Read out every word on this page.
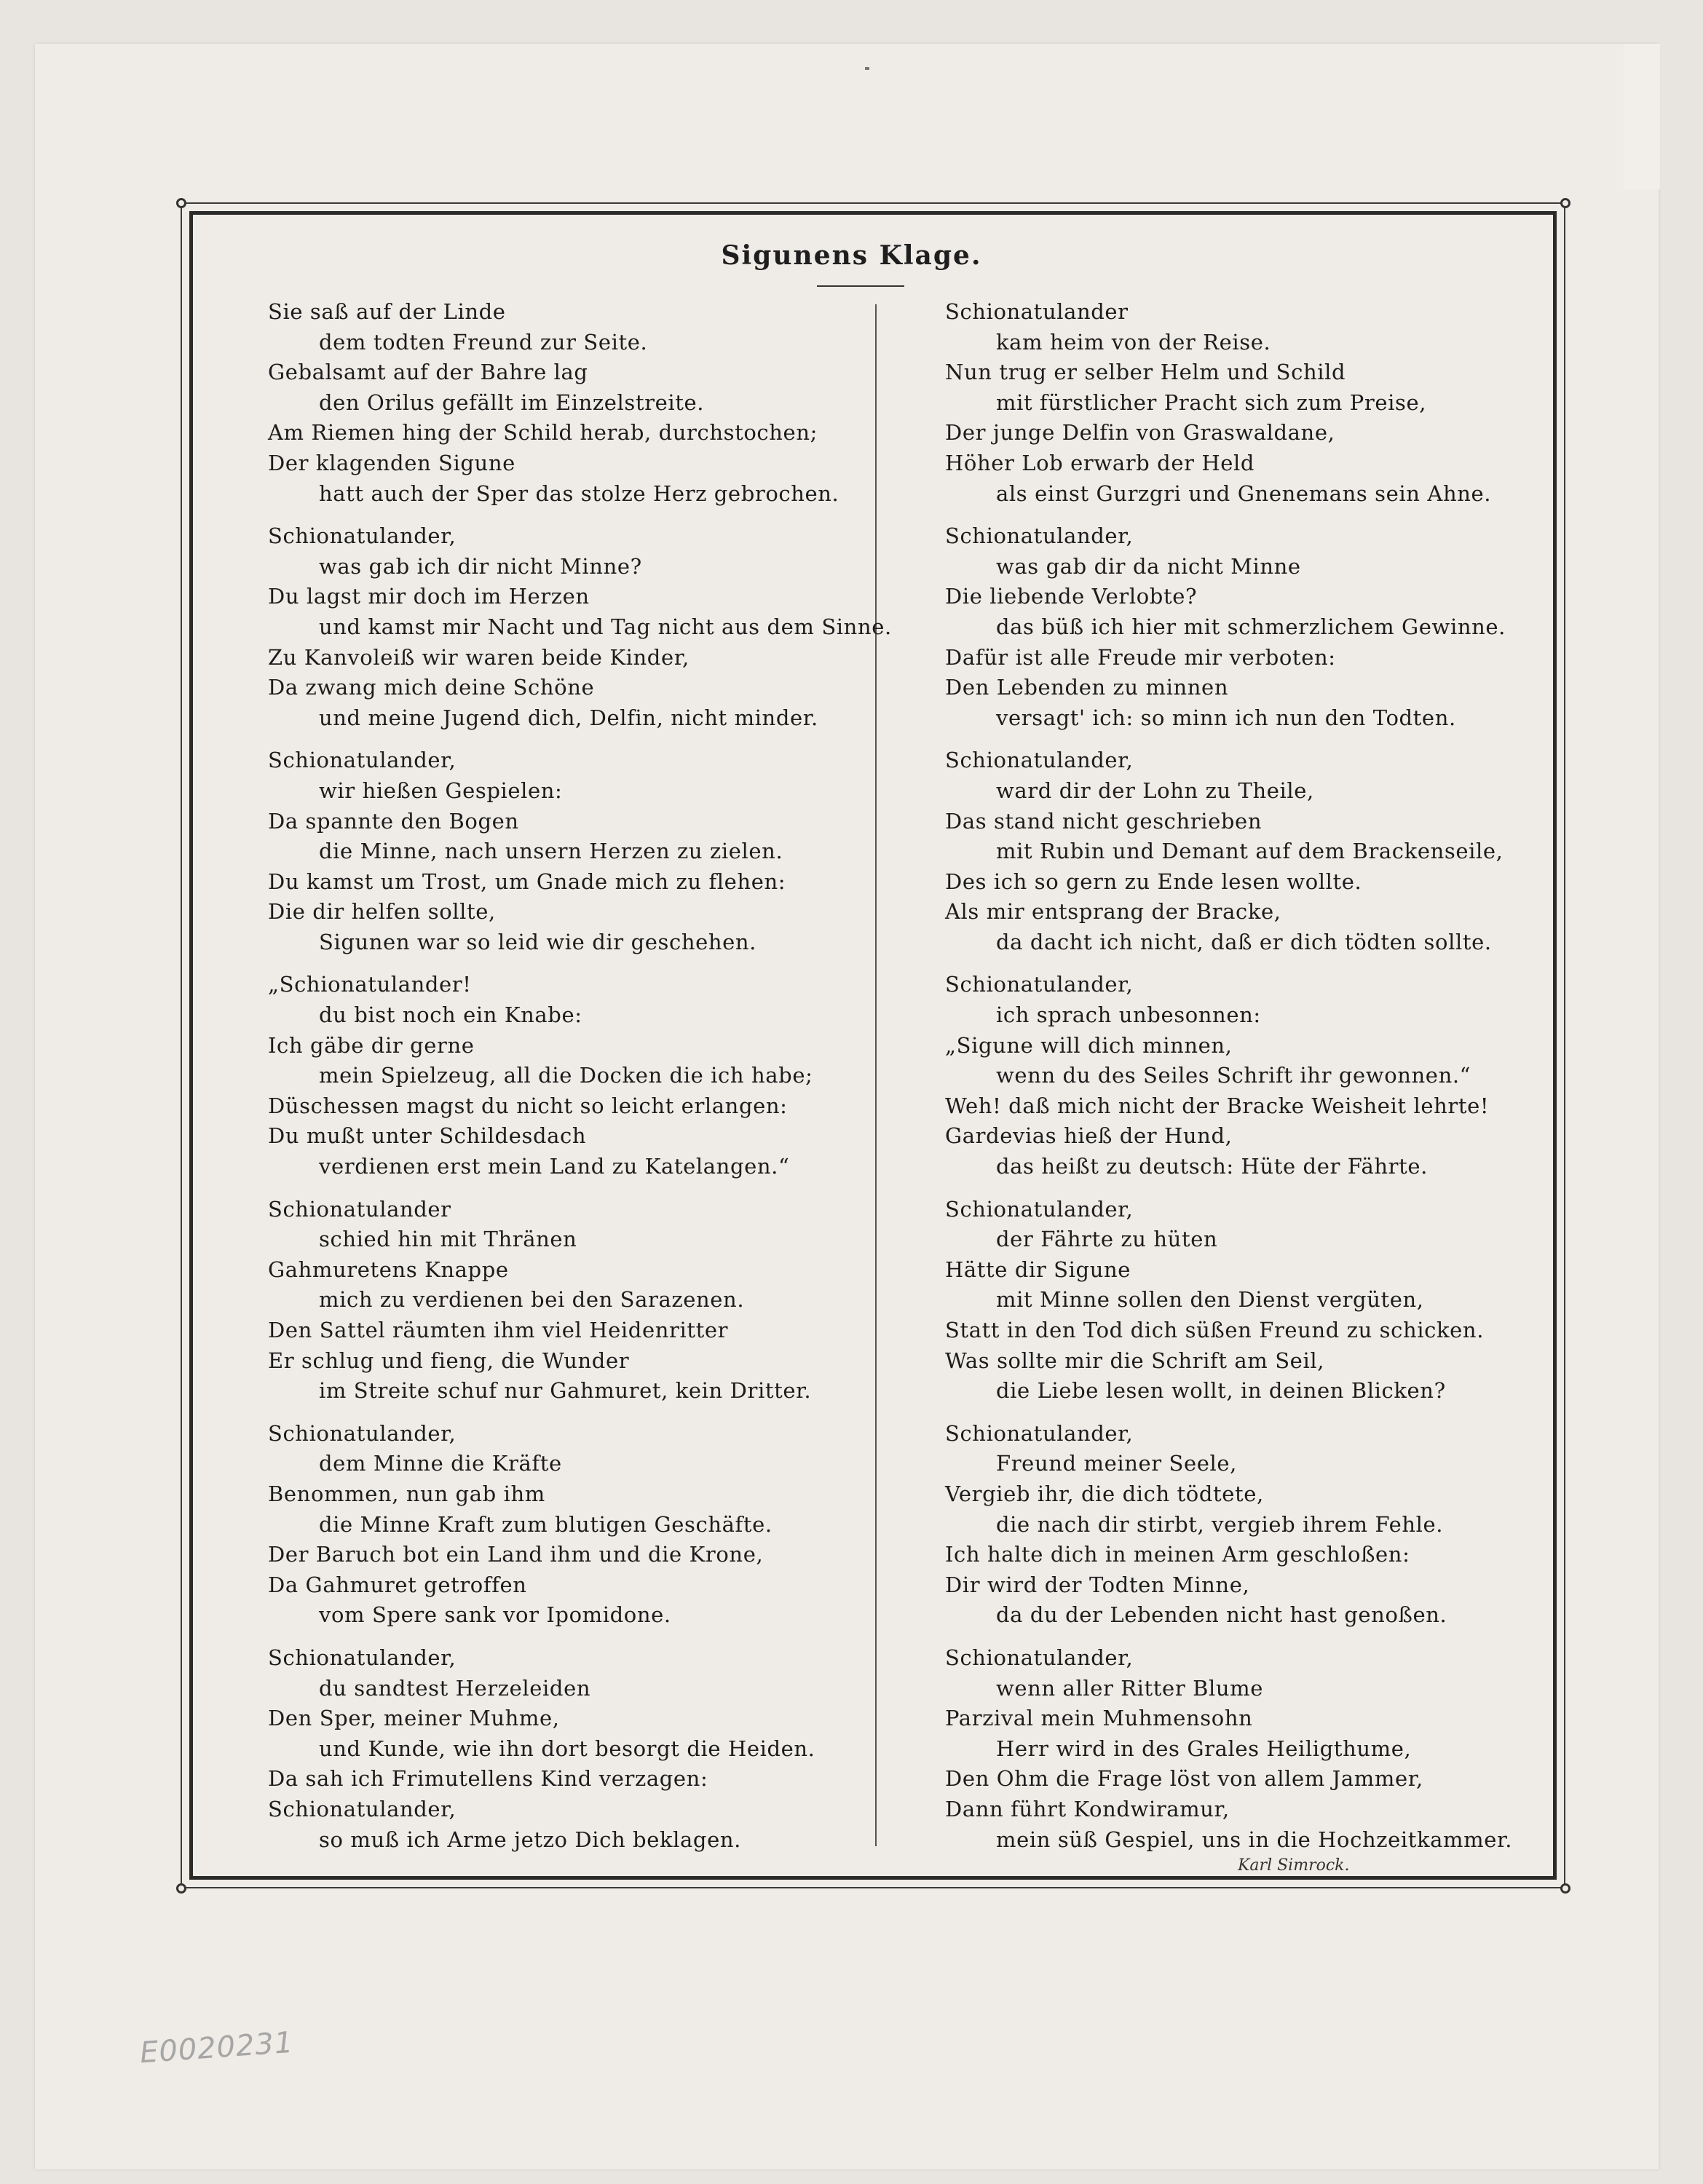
Sigunens Klage.
Sie saß auf der Linde
dem todten Freund zur Seite.
Gebalsamt auf der Bahre lag
den Orilus gefällt im Einzelstreite.
Am Riemen hing der Schild herab, durchstochen;
Der klagenden Sigune
hatt auch der Sper das stolze Herz gebrochen.
Schionatulander,
was gab ich dir nicht Minne?
Du lagst mir doch im Herzen
und kamst mir Nacht und Tag nicht aus dem Sinne.
Zu Kanvoleiß wir waren beide Kinder,
Da zwang mich deine Schöne
und meine Jugend dich, Delfin, nicht minder.
Schionatulander,
wir hießen Gespielen:
Da spannte den Bogen
die Minne, nach unsern Herzen zu zielen.
Du kamst um Trost, um Gnade mich zu flehen:
Die dir helfen sollte,
Sigunen war so leid wie dir geschehen.
„Schionatulander!
du bist noch ein Knabe:
Ich gäbe dir gerne
mein Spielzeug, all die Docken die ich habe;
Düschessen magst du nicht so leicht erlangen:
Du mußt unter Schildesdach
verdienen erst mein Land zu Katelangen.“
Schionatulander
schied hin mit Thränen
Gahmuretens Knappe
mich zu verdienen bei den Sarazenen.
Den Sattel räumten ihm viel Heidenritter
Er schlug und fieng, die Wunder
im Streite schuf nur Gahmuret, kein Dritter.
Schionatulander,
dem Minne die Kräfte
Benommen, nun gab ihm
die Minne Kraft zum blutigen Geschäfte.
Der Baruch bot ein Land ihm und die Krone,
Da Gahmuret getroffen
vom Spere sank vor Ipomidone.
Schionatulander,
du sandtest Herzeleiden
Den Sper, meiner Muhme,
und Kunde, wie ihn dort besorgt die Heiden.
Da sah ich Frimutellens Kind verzagen:
Schionatulander,
so muß ich Arme jetzo Dich beklagen.
Schionatulander
kam heim von der Reise.
Nun trug er selber Helm und Schild
mit fürstlicher Pracht sich zum Preise,
Der junge Delfin von Graswaldane,
Höher Lob erwarb der Held
als einst Gurzgri und Gnenemans sein Ahne.
Schionatulander,
was gab dir da nicht Minne
Die liebende Verlobte?
das büß ich hier mit schmerzlichem Gewinne.
Dafür ist alle Freude mir verboten:
Den Lebenden zu minnen
versagt' ich: so minn ich nun den Todten.
Schionatulander,
ward dir der Lohn zu Theile,
Das stand nicht geschrieben
mit Rubin und Demant auf dem Brackenseile,
Des ich so gern zu Ende lesen wollte.
Als mir entsprang der Bracke,
da dacht ich nicht, daß er dich tödten sollte.
Schionatulander,
ich sprach unbesonnen:
„Sigune will dich minnen,
wenn du des Seiles Schrift ihr gewonnen.“
Weh! daß mich nicht der Bracke Weisheit lehrte!
Gardevias hieß der Hund,
das heißt zu deutsch: Hüte der Fährte.
Schionatulander,
der Fährte zu hüten
Hätte dir Sigune
mit Minne sollen den Dienst vergüten,
Statt in den Tod dich süßen Freund zu schicken.
Was sollte mir die Schrift am Seil,
die Liebe lesen wollt, in deinen Blicken?
Schionatulander,
Freund meiner Seele,
Vergieb ihr, die dich tödtete,
die nach dir stirbt, vergieb ihrem Fehle.
Ich halte dich in meinen Arm geschloßen:
Dir wird der Todten Minne,
da du der Lebenden nicht hast genoßen.
Schionatulander,
wenn aller Ritter Blume
Parzival mein Muhmensohn
Herr wird in des Grales Heiligthume,
Den Ohm die Frage löst von allem Jammer,
Dann führt Kondwiramur,
mein süß Gespiel, uns in die Hochzeitkammer.
Karl Simrock.
E0020231
